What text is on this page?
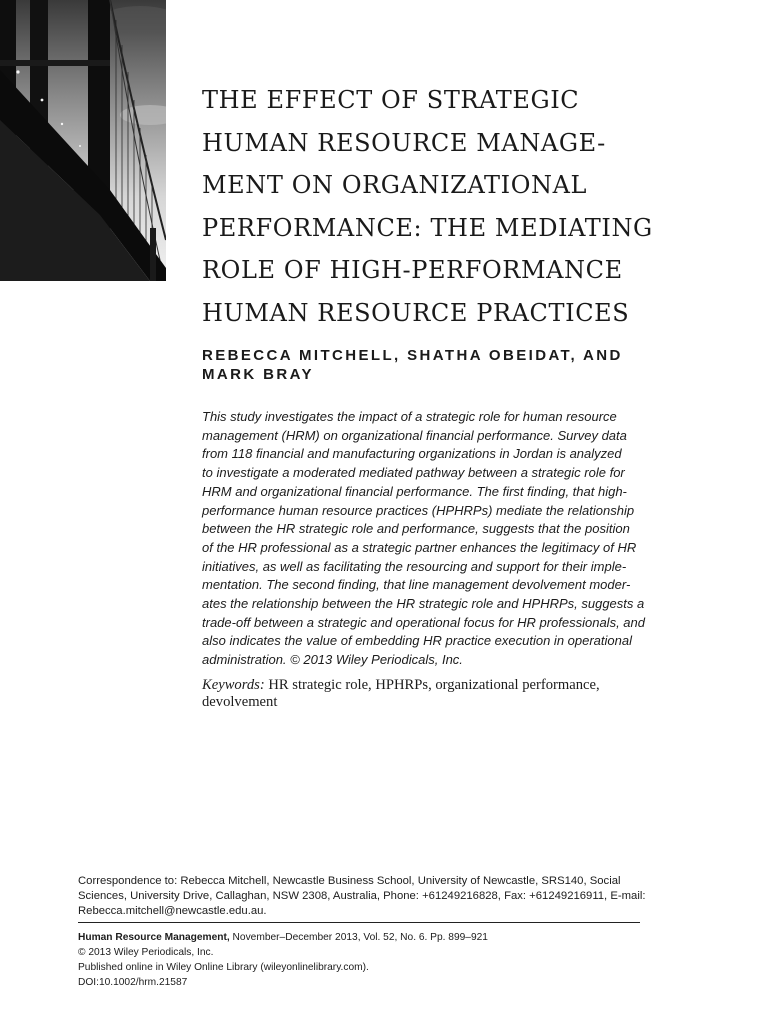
THE EFFECT OF STRATEGIC
HUMAN RESOURCE MANAGE-
MENT ON ORGANIZATIONAL
PERFORMANCE: THE MEDIATING
ROLE OF HIGH-PERFORMANCE
HUMAN RESOURCE PRACTICES
REBECCA MITCHELL, SHATHA OBEIDAT, AND
MARK BRAY
This study investigates the impact of a strategic role for human resource
management (HRM) on organizational financial performance. Survey data
from 118 financial and manufacturing organizations in Jordan is analyzed
to investigate a moderated mediated pathway between a strategic role for
HRM and organizational financial performance. The first finding, that high-
performance human resource practices (HPHRPs) mediate the relationship
between the HR strategic role and performance, suggests that the position
of the HR professional as a strategic partner enhances the legitimacy of HR
initiatives, as well as facilitating the resourcing and support for their imple-
mentation. The second finding, that line management devolvement moder-
ates the relationship between the HR strategic role and HPHRPs, suggests a
trade-off between a strategic and operational focus for HR professionals, and
also indicates the value of embedding HR practice execution in operational
administration. © 2013 Wiley Periodicals, Inc.
Keywords: HR strategic role, HPHRPs, organizational performance,
devolvement
Correspondence to: Rebecca Mitchell, Newcastle Business School, University of Newcastle, SRS140, Social
Sciences, University Drive, Callaghan, NSW 2308, Australia, Phone: +61249216828, Fax: +61249216911, E-mail:
Rebecca.mitchell@newcastle.edu.au.
Human Resource Management, November–December 2013, Vol. 52, No. 6. Pp. 899–921
© 2013 Wiley Periodicals, Inc.
Published online in Wiley Online Library (wileyonlinelibrary.com).
DOI:10.1002/hrm.21587
